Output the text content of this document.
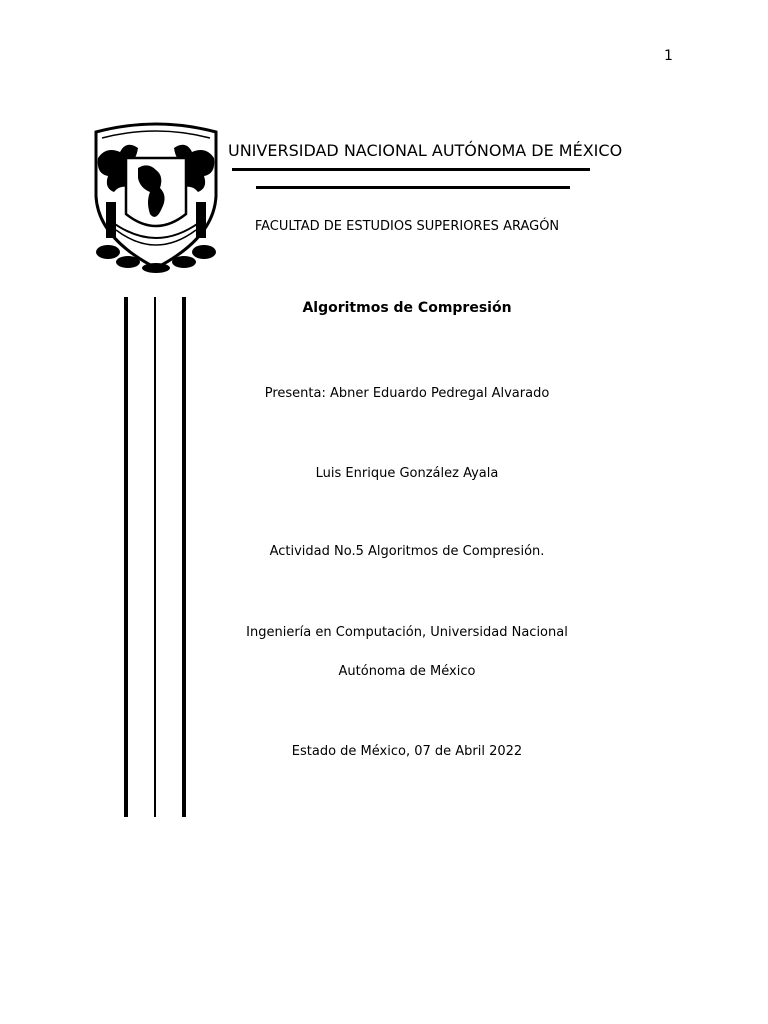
1
UNIVERSIDAD NACIONAL AUTÓNOMA DE MÉXICO
FACULTAD DE ESTUDIOS SUPERIORES ARAGÓN
Algoritmos de Compresión
Presenta: Abner Eduardo Pedregal Alvarado
Luis Enrique González Ayala
Actividad No.5 Algoritmos de Compresión.
Ingeniería en Computación, Universidad Nacional
Autónoma de México
Estado de México, 07 de Abril 2022
